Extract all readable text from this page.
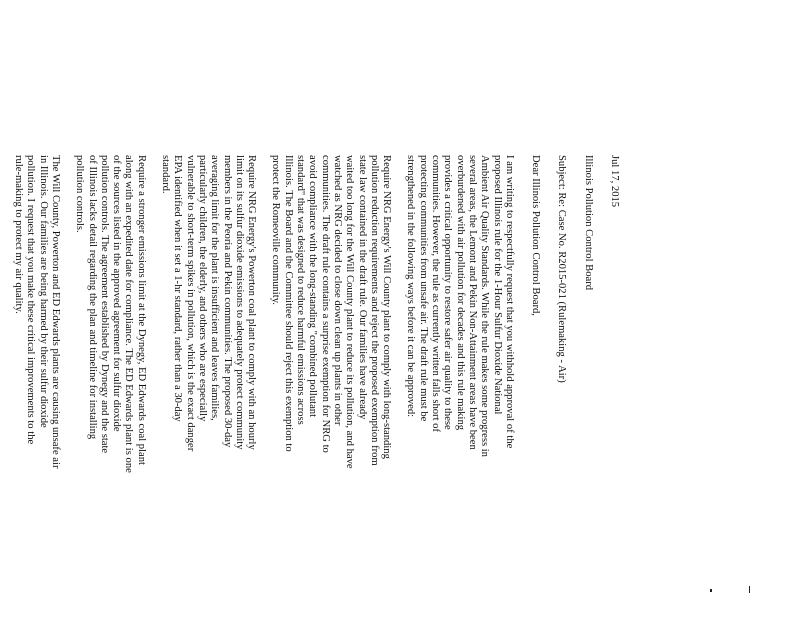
Jul 17, 2015
Illinois Pollution Control Board
Subject: Re: Case No. R2015-021 (Rulemaking - Air)
Dear Illinois Pollution Control Board,
I am writing to respectfully request that you withhold approval of the
proposed Illinois rule for the 1-Hour Sulfur Dioxide National
Ambient Air Quality Standards. While the rule makes some progress in
several areas, the Lemont and Pekin Non-Attainment areas have been
overburdened with air pollution for decades and this rule making
provides a critical opportunity to restore safer air quality to these
communities. However, the rule as currently written falls short of
protecting communities from unsafe air. The draft rule must be
strengthened in the following ways before it can be approved:
Require NRG Energy's Will County plant to comply with long-standing
pollution reduction requirements and reject the proposed exemption from
state law contained in the draft rule. Our families have already
waited too long for the Will County plant to reduce its pollution, and have
watched as NRG decided to close down clean up plants in other
communities. The draft rule contains a surprise exemption for NRG to
avoid compliance with the long-standing "combined pollutant
standard" that was designed to reduce harmful emissions across
Illinois. The Board and the Committee should reject this exemption to
protect the Romeoville community.
Require NRG Energy's Powerton coal plant to comply with an hourly
limit on its sulfur dioxide emissions to adequately protect community
members in the Peoria and Pekin communities. The proposed 30-day
averaging limit for the plant is insufficient and leaves families,
particularly children, the elderly, and others who are especially
vulnerable to short-term spikes in pollution, which is the exact danger
EPA identified when it set a 1-hr standard, rather than a 30-day
standard.
Require a stronger emissions limit at the Dynegy, ED Edwards coal plant
along with an expedited date for compliance. The ED Edwards plant is one
of the sources listed in the approved agreement for sulfur dioxide
pollution controls. The agreement established by Dynegy and the state
of Illinois lacks detail regarding the plan and timeline for installing
pollution controls.
The Will County, Powerton and ED Edwards plants are causing unsafe air
in Illinois. Our families are being harmed by their sulfur dioxide
pollution. I request that you make these critical improvements to the
rule-making to protect my air quality.
